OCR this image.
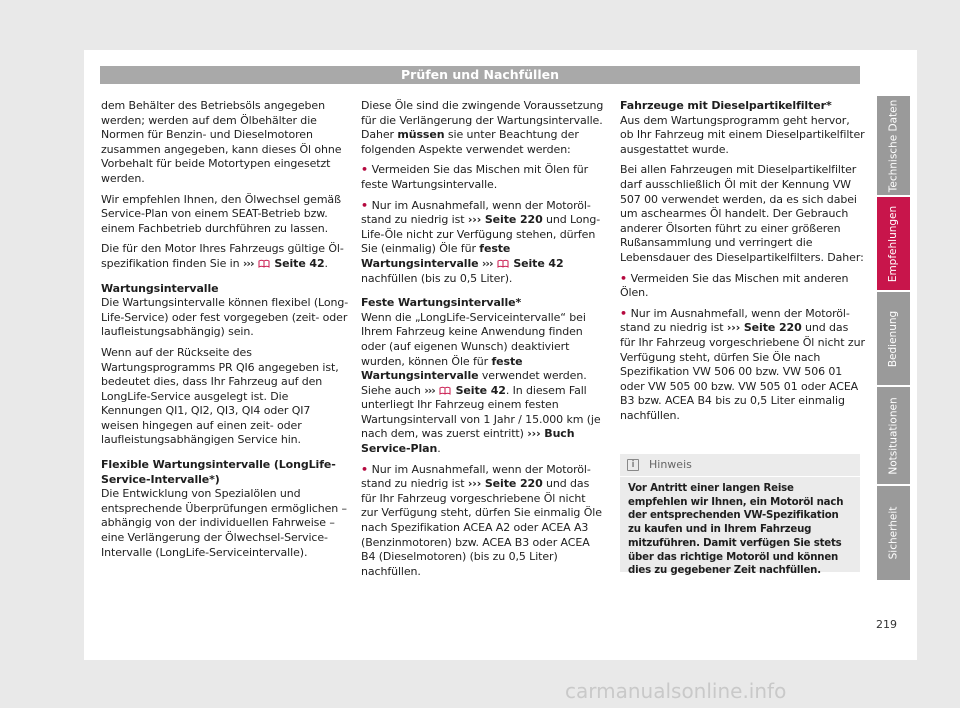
Prüfen und Nachfüllen

dem Behälter des Betriebsöls angegeben werden; werden auf dem Ölbehälter die Normen für Benzin- und Dieselmotoren zusammen angegeben, kann dieses Öl ohne Vorbehalt für beide Motortypen eingesetzt werden.

Wir empfehlen Ihnen, den Ölwechsel gemäß Service-Plan von einem SEAT-Betrieb bzw. einem Fachbetrieb durchführen zu lassen.

Die für den Motor Ihres Fahrzeugs gültige Öl-spezifikation finden Sie in ››› Seite 42.

Wartungsintervalle

Die Wartungsintervalle können flexibel (Long-Life-Service) oder fest vorgegeben (zeit- oder laufleistungsabhängig) sein.

Wenn auf der Rückseite des Wartungsprogramms PR QI6 angegeben ist, bedeutet dies, dass Ihr Fahrzeug auf den LongLife-Service ausgelegt ist. Die Kennungen QI1, QI2, QI3, QI4 oder QI7 weisen hingegen auf einen zeit- oder laufleistungsabhängigen Service hin.

Flexible Wartungsintervalle (LongLife-Service-Intervalle*)

Die Entwicklung von Spezialölen und entsprechende Überprüfungen ermöglichen – abhängig von der individuellen Fahrweise – eine Verlängerung der Ölwechsel-Service-Intervalle (LongLife-Serviceintervalle).

Diese Öle sind die zwingende Voraussetzung für die Verlängerung der Wartungsintervalle. Daher müssen sie unter Beachtung der folgenden Aspekte verwendet werden:

• Vermeiden Sie das Mischen mit Ölen für feste Wartungsintervalle.

• Nur im Ausnahmefall, wenn der Motoröl-stand zu niedrig ist ››› Seite 220 und Long-Life-Öle nicht zur Verfügung stehen, dürfen Sie (einmalig) Öle für feste Wartungsintervalle ››› Seite 42 nachfüllen (bis zu 0,5 Liter).

Feste Wartungsintervalle*

Wenn die „LongLife-Serviceintervalle“ bei Ihrem Fahrzeug keine Anwendung finden oder (auf eigenen Wunsch) deaktiviert wurden, können Öle für feste Wartungsintervalle verwendet werden. Siehe auch ››› Seite 42. In diesem Fall unterliegt Ihr Fahrzeug einem festen Wartungsintervall von 1 Jahr / 15.000 km (je nach dem, was zuerst eintritt) ››› Buch Service-Plan.

• Nur im Ausnahmefall, wenn der Motoröl-stand zu niedrig ist ››› Seite 220 und das für Ihr Fahrzeug vorgeschriebene Öl nicht zur Verfügung steht, dürfen Sie einmalig Öle nach Spezifikation ACEA A2 oder ACEA A3 (Benzinmotoren) bzw. ACEA B3 oder ACEA B4 (Dieselmotoren) (bis zu 0,5 Liter) nachfüllen.

Fahrzeuge mit Dieselpartikelfilter*

Aus dem Wartungsprogramm geht hervor, ob Ihr Fahrzeug mit einem Dieselpartikelfilter ausgestattet wurde.

Bei allen Fahrzeugen mit Dieselpartikelfilter darf ausschließlich Öl mit der Kennung VW 507 00 verwendet werden, da es sich dabei um aschearmes Öl handelt. Der Gebrauch anderer Ölsorten führt zu einer größeren Rußansammlung und verringert die Lebensdauer des Dieselpartikelfilters. Daher:

• Vermeiden Sie das Mischen mit anderen Ölen.

• Nur im Ausnahmefall, wenn der Motoröl-stand zu niedrig ist ››› Seite 220 und das für Ihr Fahrzeug vorgeschriebene Öl nicht zur Verfügung steht, dürfen Sie Öle nach Spezifikation VW 506 00 bzw. VW 506 01 oder VW 505 00 bzw. VW 505 01 oder ACEA B3 bzw. ACEA B4 bis zu 0,5 Liter einmalig nachfüllen.

i	Hinweis
Vor Antritt einer langen Reise empfehlen wir Ihnen, ein Motoröl nach der entsprechenden VW-Spezifikation zu kaufen und in Ihrem Fahrzeug mitzuführen. Damit verfügen Sie stets über das richtige Motoröl und können dies zu gegebener Zeit nachfüllen.
Technische Daten
Empfehlungen
Bedienung
Notsituationen
Sicherheit
219
carmanualsonline.info
